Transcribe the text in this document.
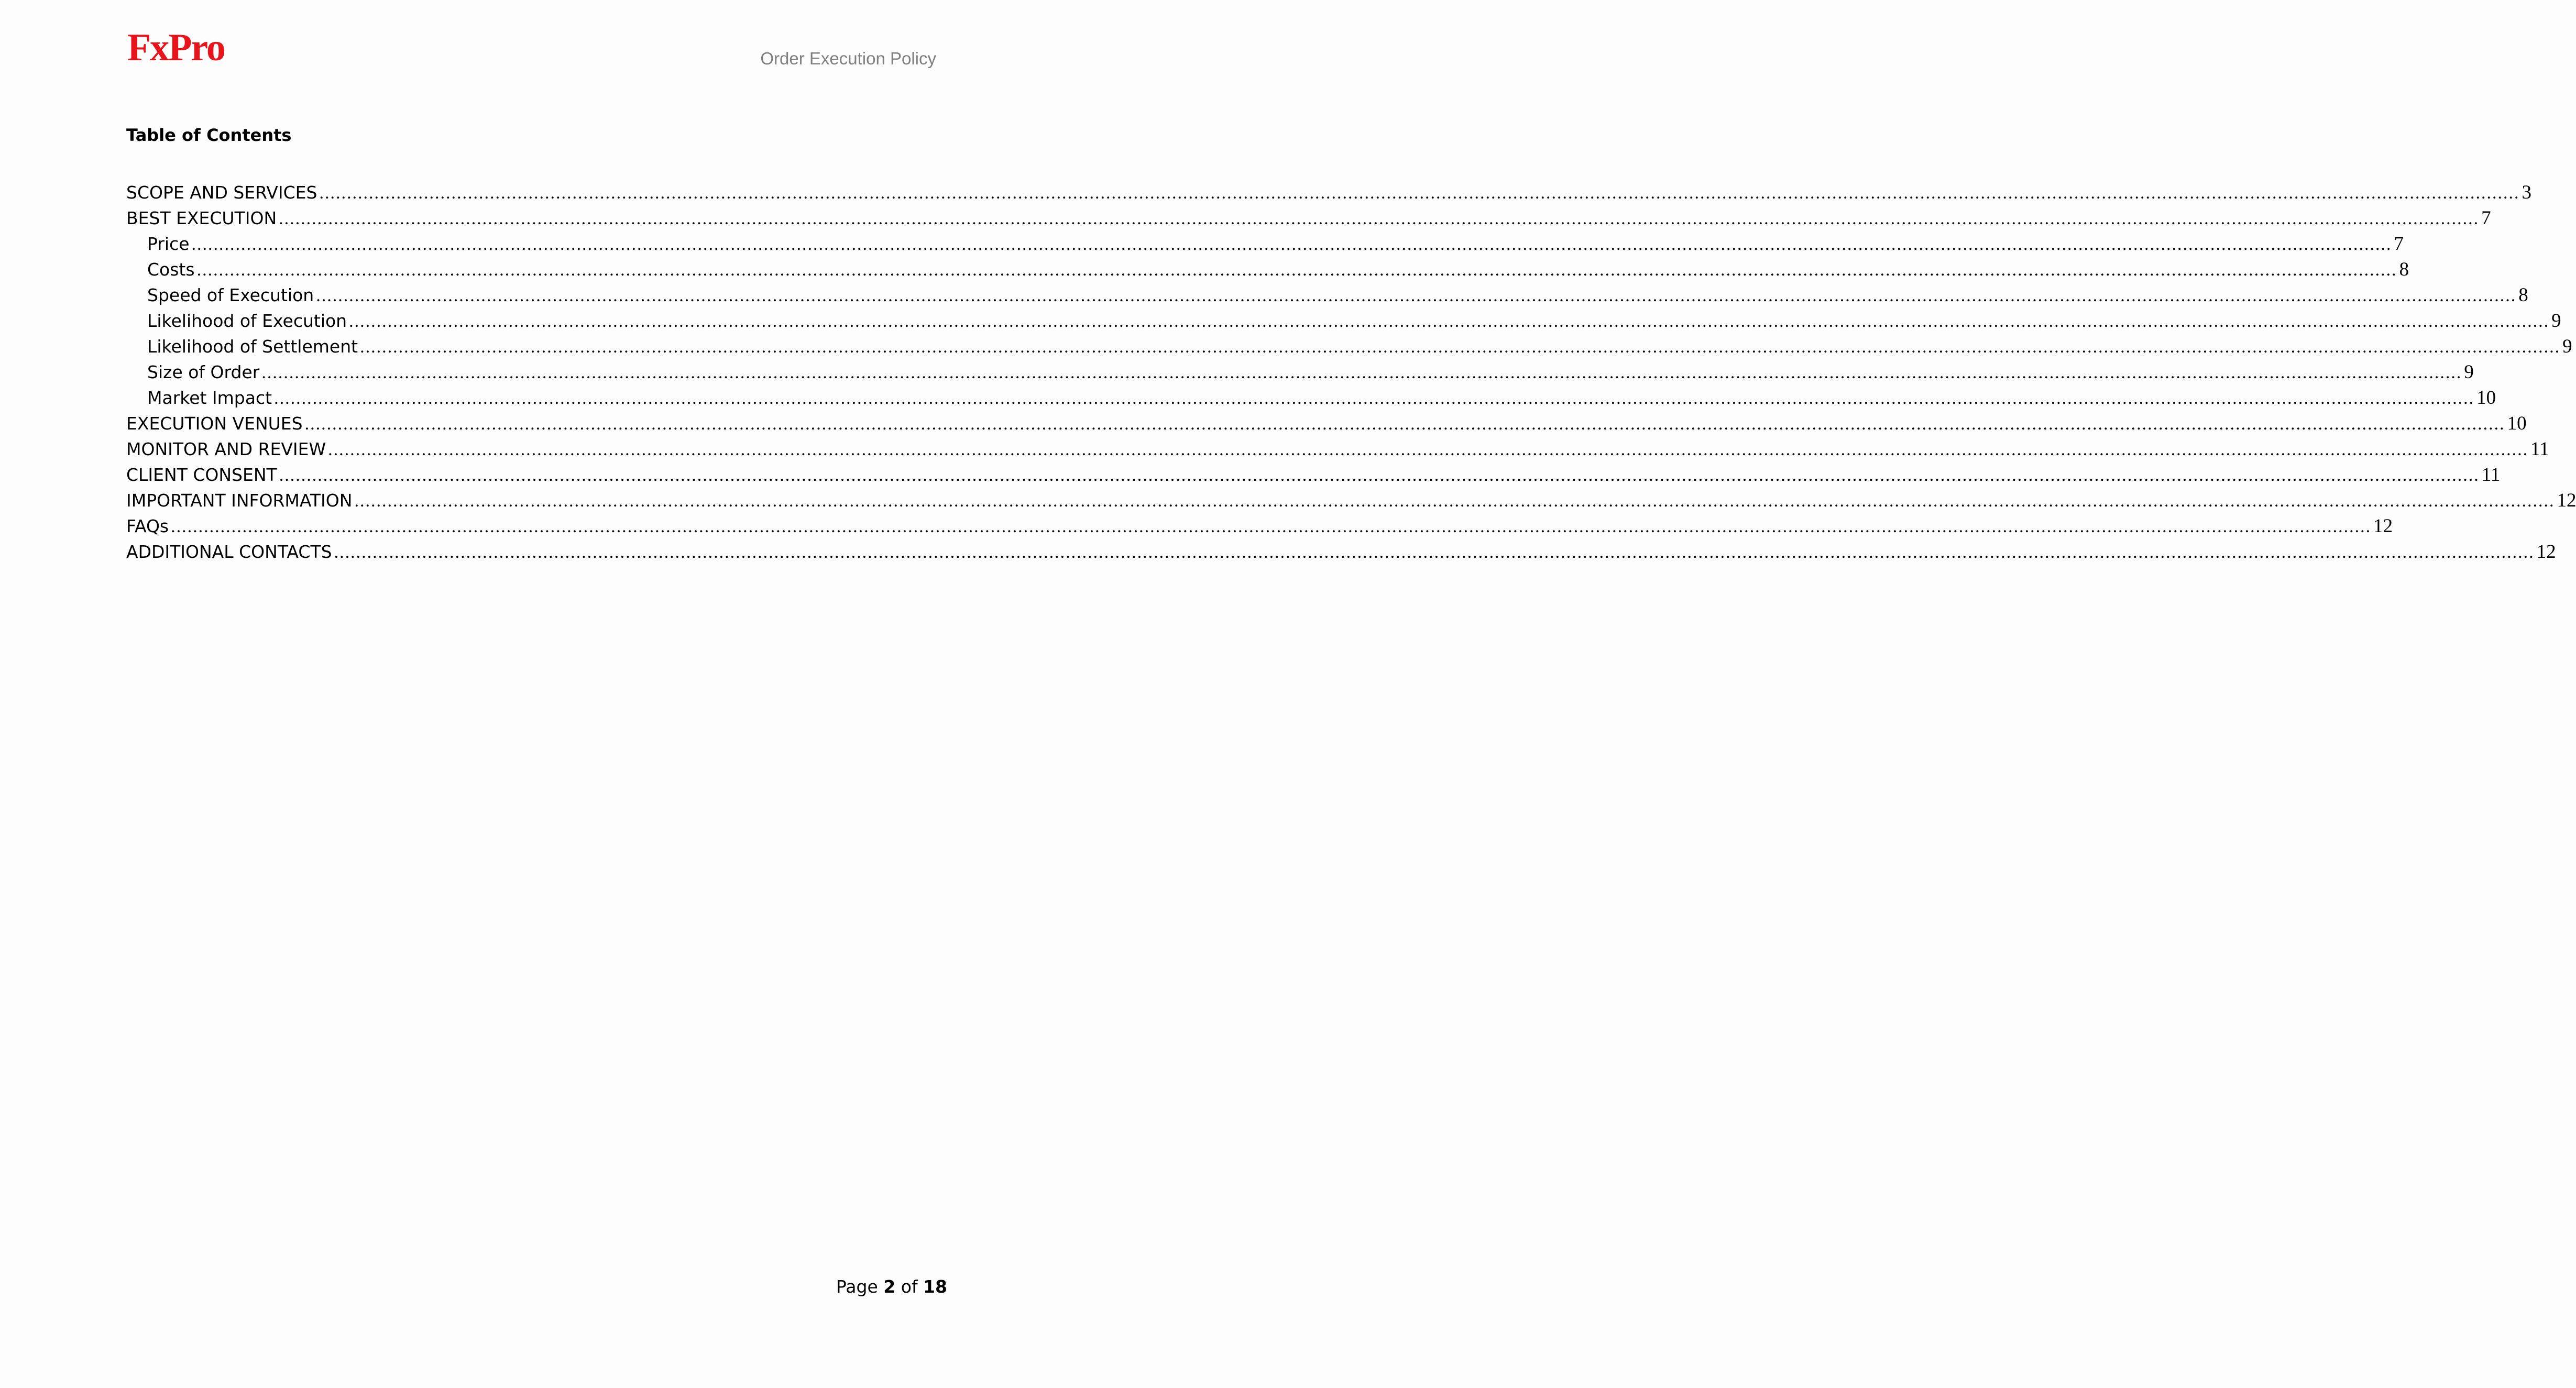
FxPro	Order Execution Policy
Table of Contents
SCOPE AND SERVICES ................................................................................................................................................................................................................................................................................................................................................................................................................ 3
BEST EXECUTION ................................................................................................................................................................................................................................................................................................................................................................................................................ 7
Price ................................................................................................................................................................................................................................................................................................................................................................................................................ 7
Costs ................................................................................................................................................................................................................................................................................................................................................................................................................ 8
Speed of Execution ................................................................................................................................................................................................................................................................................................................................................................................................................ 8
Likelihood of Execution ................................................................................................................................................................................................................................................................................................................................................................................................................ 9
Likelihood of Settlement ................................................................................................................................................................................................................................................................................................................................................................................................................ 9
Size of Order ................................................................................................................................................................................................................................................................................................................................................................................................................ 9
Market Impact ................................................................................................................................................................................................................................................................................................................................................................................................................ 10
EXECUTION VENUES ................................................................................................................................................................................................................................................................................................................................................................................................................ 10
MONITOR AND REVIEW ................................................................................................................................................................................................................................................................................................................................................................................................................ 11
CLIENT CONSENT ................................................................................................................................................................................................................................................................................................................................................................................................................ 11
IMPORTANT INFORMATION ................................................................................................................................................................................................................................................................................................................................................................................................................ 12
FAQs ................................................................................................................................................................................................................................................................................................................................................................................................................ 12
ADDITIONAL CONTACTS ................................................................................................................................................................................................................................................................................................................................................................................................................ 12
Page 2 of 18
